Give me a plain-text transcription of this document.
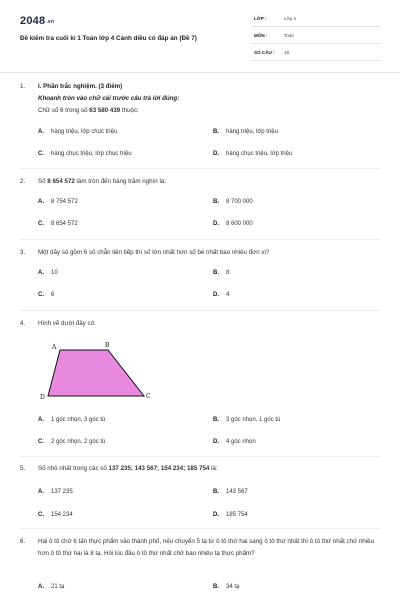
2048.vn
Đề kiểm tra cuối kì 1 Toán lớp 4 Cánh diều có đáp án (Đề 7)
LỚP :	Lớp 4
MÔN :	Toán
SỐ CÂU : 18
1. I. Phần trắc nghiệm. (3 điểm)
Khoanh tròn vào chữ cái trước câu trả lời đúng:
Chữ số 6 trong số 63 580 439 thuộc:
A. hàng triệu, lớp chục triệu	B. hàng triệu, lớp triệu
C. hàng chục triệu, lớp chục triệu	D. hàng chục triệu, lớp triệu
2. Số 8 654 572 làm tròn đến hàng trăm nghìn là:
A. 8 754 572	B. 8 700 000
C. 8 654 572	D. 8 600 000
3. Một dãy số gồm 6 số chẵn liên tiếp thì số lớn nhất hơn số bé nhất bao nhiêu đơn vị?
A. 10	B. 8
C. 6	D. 4
4. Hình vẽ dưới đây có:
A	B
C
D
A. 1 góc nhọn, 3 góc tù	B. 3 góc nhọn, 1 góc tù
C. 2 góc nhọn, 2 góc tù	D. 4 góc nhọn
5. Số nhỏ nhất trong các số 137 235; 143 567; 154 234; 185 754 là:
A. 137 235	B. 143 567
C. 154 234	D. 185 754
6. Hai ô tô chở 6 tấn thực phẩm vào thành phố, nếu chuyển 5 tạ từ ô tô thứ hai sang ô tô thứ nhất thì ô tô thứ nhất chở nhiều hơn ô tô thứ hai là 8 tạ. Hỏi lúc đầu ô tô thứ nhất chở bao nhiêu tạ thực phẩm?
A. 21 tạ	B. 34 tạ
